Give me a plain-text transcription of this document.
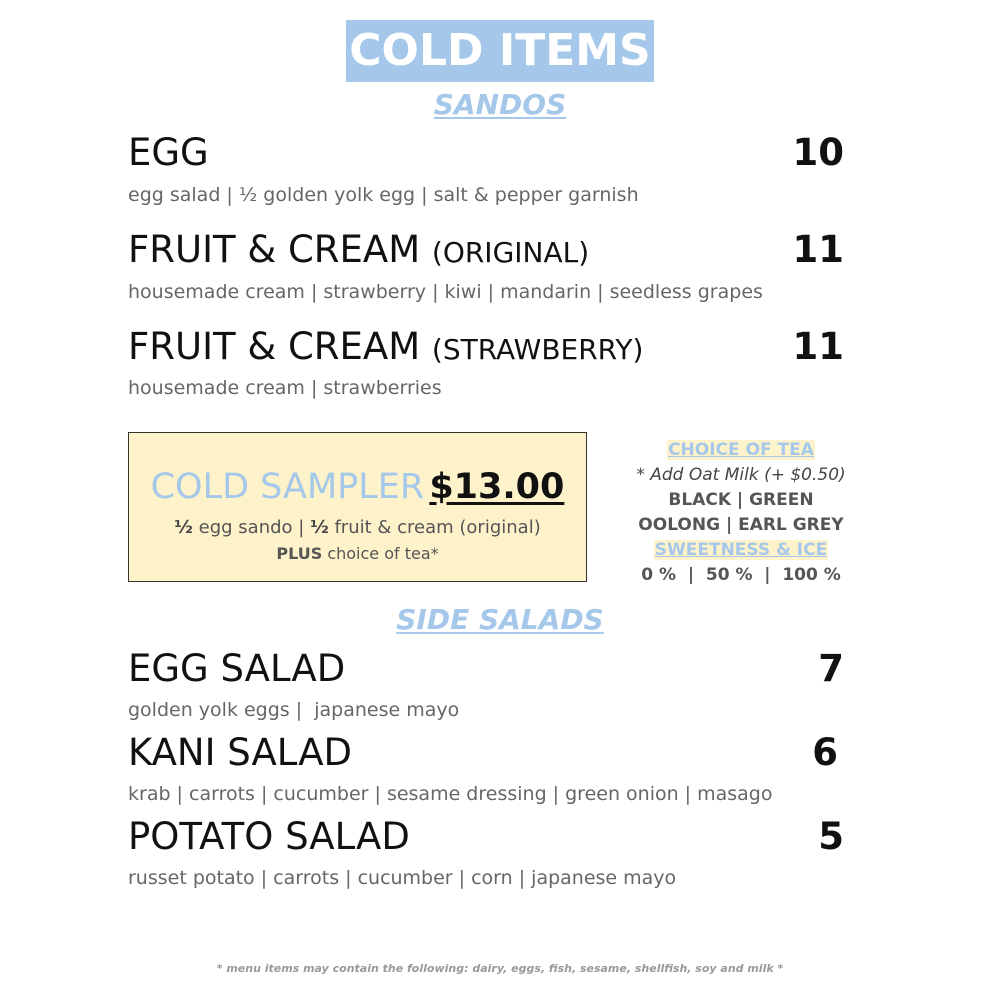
COLD ITEMS
SANDOS
EGG	10
egg salad | ½ golden yolk egg | salt & pepper garnish
FRUIT & CREAM (ORIGINAL)	11
housemade cream | strawberry | kiwi | mandarin | seedless grapes
FRUIT & CREAM (STRAWBERRY)	11
housemade cream | strawberries
COLD SAMPLER $13.00
½ egg sando | ½ fruit & cream (original)
PLUS choice of tea*
CHOICE OF TEA
* Add Oat Milk (+ $0.50)
BLACK | GREEN
OOLONG | EARL GREY
SWEETNESS & ICE
0 %  |  50 %  |  100 %
SIDE SALADS
EGG SALAD	7
golden yolk eggs |  japanese mayo
KANI SALAD	6
krab | carrots | cucumber | sesame dressing | green onion | masago
POTATO SALAD	5
russet potato | carrots | cucumber | corn | japanese mayo
* menu items may contain the following: dairy, eggs, fish, sesame, shellfish, soy and milk *
